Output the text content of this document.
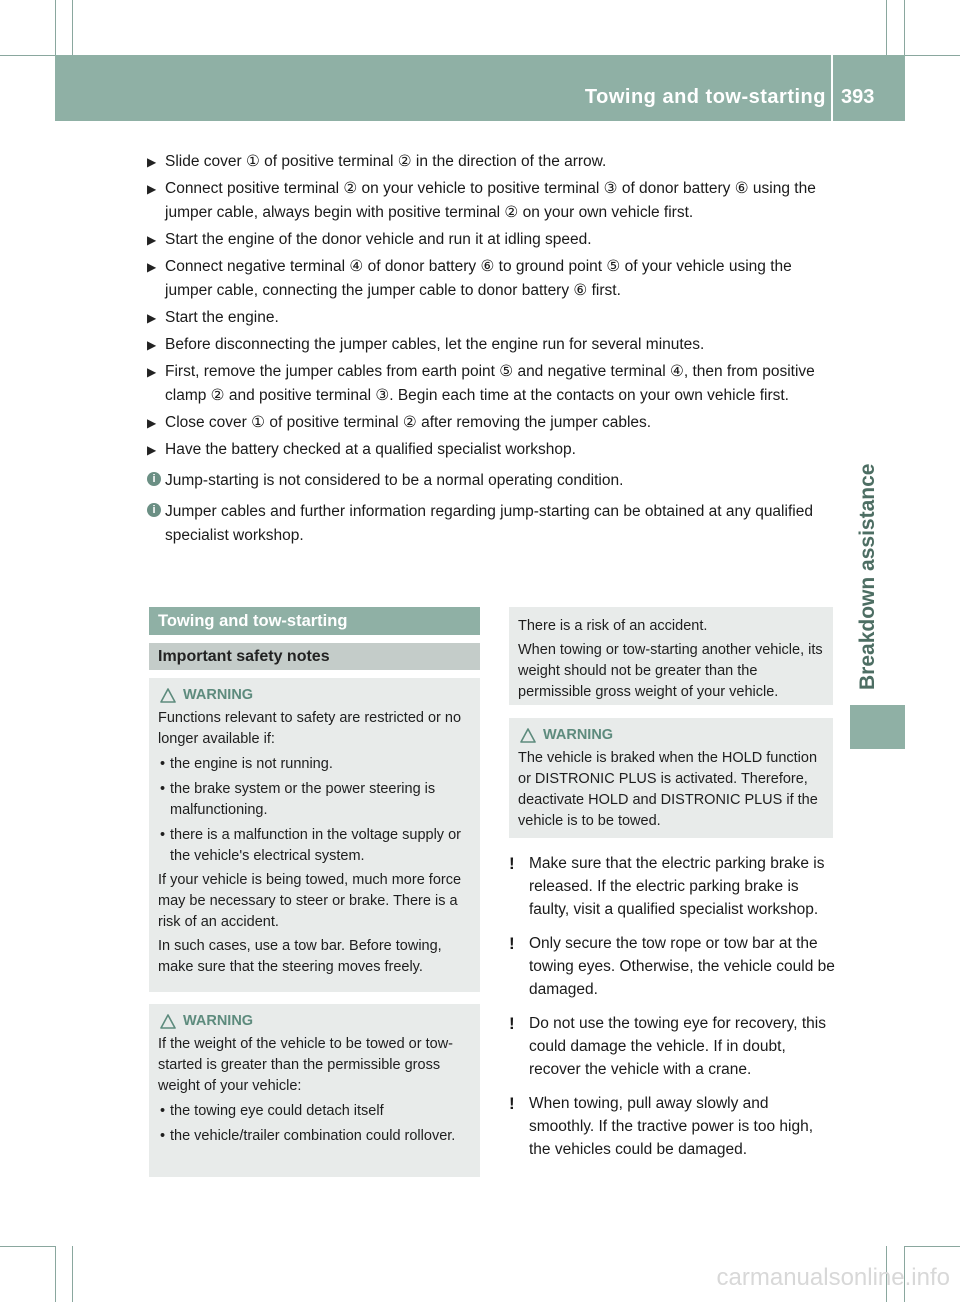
Towing and tow-starting 393
Breakdown assistance
▶ Slide cover ① of positive terminal ② in the direction of the arrow.
▶ Connect positive terminal ② on your vehicle to positive terminal ③ of donor battery ⑥ using the jumper cable, always begin with positive terminal ② on your own vehicle first.
▶ Start the engine of the donor vehicle and run it at idling speed.
▶ Connect negative terminal ④ of donor battery ⑥ to ground point ⑤ of your vehicle using the jumper cable, connecting the jumper cable to donor battery ⑥ first.
▶ Start the engine.
▶ Before disconnecting the jumper cables, let the engine run for several minutes.
▶ First, remove the jumper cables from earth point ⑤ and negative terminal ④, then from positive clamp ② and positive terminal ③. Begin each time at the contacts on your own vehicle first.
▶ Close cover ① of positive terminal ② after removing the jumper cables.
▶ Have the battery checked at a qualified specialist workshop.
i Jump-starting is not considered to be a normal operating condition.
i Jumper cables and further information regarding jump-starting can be obtained at any qualified specialist workshop.
Towing and tow-starting
Important safety notes
WARNING

Functions relevant to safety are restricted or no longer available if:

• the engine is not running.
• the brake system or the power steering is malfunctioning.
• there is a malfunction in the voltage supply or the vehicle's electrical system.

If your vehicle is being towed, much more force may be necessary to steer or brake. There is a risk of an accident.

In such cases, use a tow bar. Before towing, make sure that the steering moves freely.

WARNING

If the weight of the vehicle to be towed or tow-started is greater than the permissible gross weight of your vehicle:

• the towing eye could detach itself
• the vehicle/trailer combination could rollover.

There is a risk of an accident.

When towing or tow-starting another vehicle, its weight should not be greater than the permissible gross weight of your vehicle.

WARNING

The vehicle is braked when the HOLD function or DISTRONIC PLUS is activated. Therefore, deactivate HOLD and DISTRONIC PLUS if the vehicle is to be towed.

! Make sure that the electric parking brake is released. If the electric parking brake is faulty, visit a qualified specialist workshop.
! Only secure the tow rope or tow bar at the towing eyes. Otherwise, the vehicle could be damaged.
! Do not use the towing eye for recovery, this could damage the vehicle. If in doubt, recover the vehicle with a crane.
! When towing, pull away slowly and smoothly. If the tractive power is too high, the vehicles could be damaged.
carmanualsonline.info
